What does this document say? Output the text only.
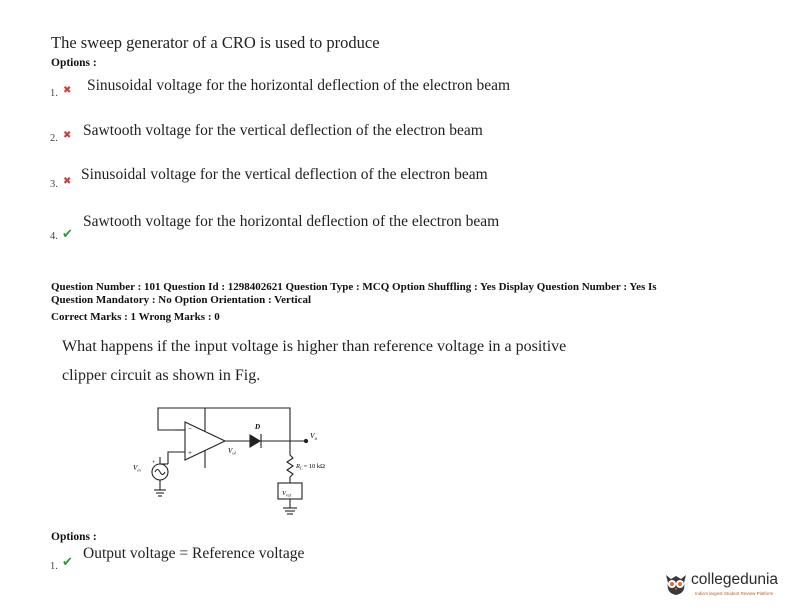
The sweep generator of a CRO is used to produce
Options :
1. ✖ Sinusoidal voltage for the horizontal deflection of the electron beam
2. ✖ Sawtooth voltage for the vertical deflection of the electron beam
3. ✖ Sinusoidal voltage for the vertical deflection of the electron beam
4. ✔
Sawtooth voltage for the horizontal deflection of the electron beam
Question Number : 101 Question Id : 1298402621 Question Type : MCQ Option Shuffling : Yes Display Question Number : Yes Is
Question Mandatory : No Option Orientation : Vertical
Correct Marks : 1 Wrong Marks : 0
What happens if the input voltage is higher than reference voltage in a positive
clipper circuit as shown in Fig.
D
$V_o$
$V_{ol}$
$V_{in}$	$R_L= 10$ kΩ
$V_{ref}$
−
+
+
Options :
1. ✔
Output voltage = Reference voltage
collegedunia
India's largest Student Review Platform
